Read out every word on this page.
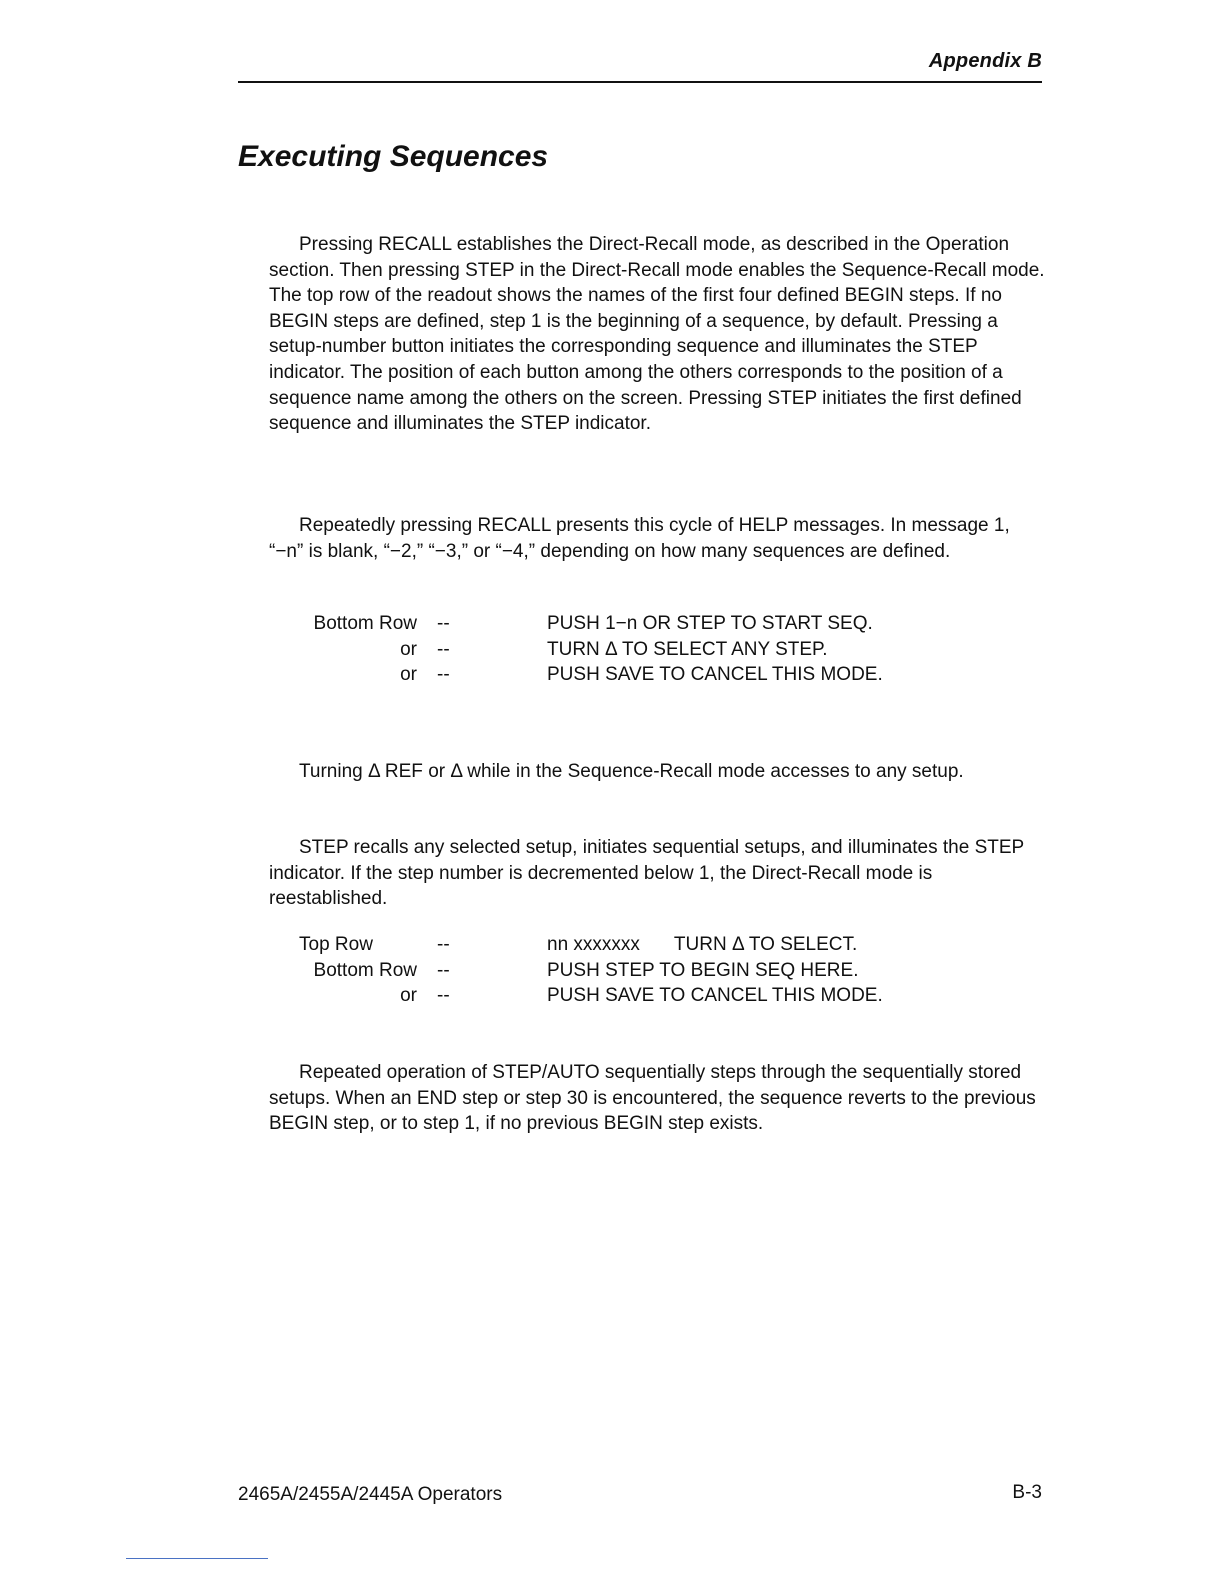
Appendix B
Executing Sequences

Pressing RECALL establishes the Direct-Recall mode, as described in the Operation section. Then pressing STEP in the Direct-Recall mode enables the Sequence-Recall mode. The top row of the readout shows the names of the first four defined BEGIN steps. If no BEGIN steps are defined, step 1 is the beginning of a sequence, by default. Pressing a setup-number button initiates the corresponding sequence and illuminates the STEP indicator. The position of each button among the others corresponds to the position of a sequence name among the others on the screen. Pressing STEP initiates the first defined sequence and illuminates the STEP indicator.

Repeatedly pressing RECALL presents this cycle of HELP messages. In message 1, “−n” is blank, “−2,” “−3,” or “−4,” depending on how many sequences are defined.

Bottom Row --	PUSH 1−n OR STEP TO START SEQ.
or --	TURN Δ TO SELECT ANY STEP.
or --	PUSH SAVE TO CANCEL THIS MODE.

Turning Δ REF or Δ while in the Sequence-Recall mode accesses to any setup.

STEP recalls any selected setup, initiates sequential setups, and illuminates the STEP indicator. If the step number is decremented below 1, the Direct-Recall mode is reestablished.

Top Row	--	nn xxxxxxx TURN Δ TO SELECT.
Bottom Row --	PUSH STEP TO BEGIN SEQ HERE.
or --	PUSH SAVE TO CANCEL THIS MODE.

Repeated operation of STEP/AUTO sequentially steps through the sequentially stored setups. When an END step or step 30 is encountered, the sequence reverts to the previous BEGIN step, or to step 1, if no previous BEGIN step exists.

2465A/2455A/2445A Operators	B-3
